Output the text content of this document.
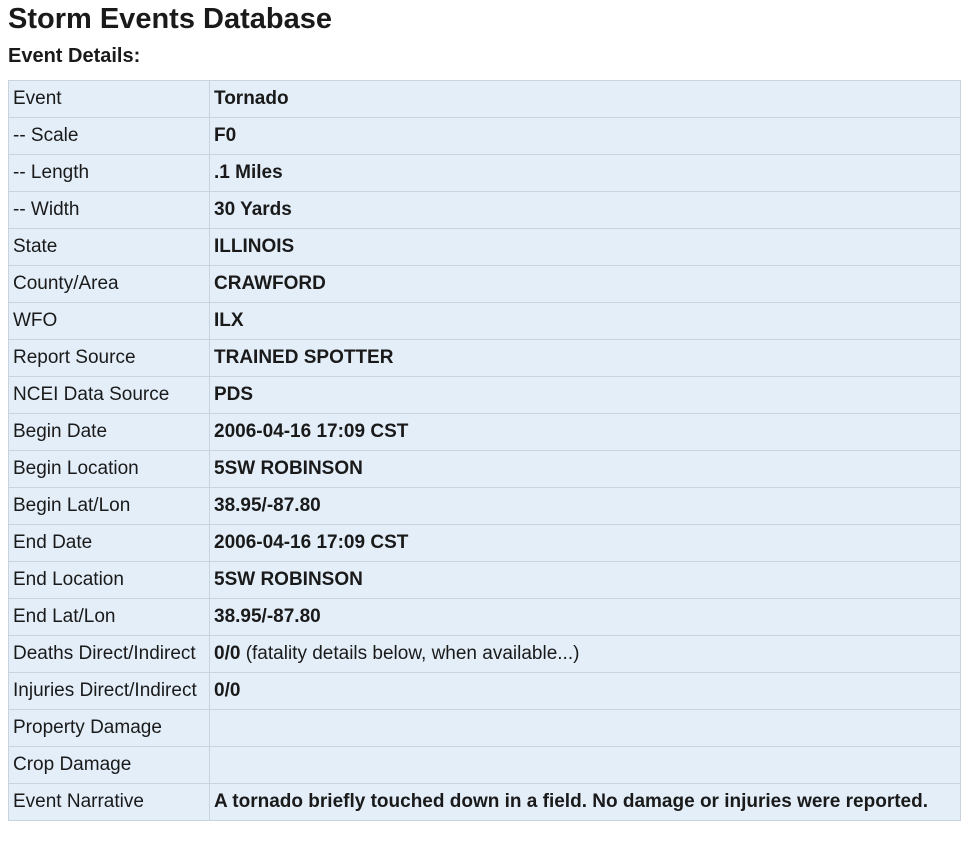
Storm Events Database
Event Details:
Event	Tornado
-- Scale	F0
-- Length	.1 Miles
-- Width	30 Yards
State	ILLINOIS
County/Area	CRAWFORD
WFO	ILX
Report Source	TRAINED SPOTTER
NCEI Data Source	PDS
Begin Date	2006-04-16 17:09 CST
Begin Location	5SW ROBINSON
Begin Lat/Lon	38.95/-87.80
End Date	2006-04-16 17:09 CST
End Location	5SW ROBINSON
End Lat/Lon	38.95/-87.80
Deaths Direct/Indirect	0/0 (fatality details below, when available...)
Injuries Direct/Indirect	0/0
Property Damage	
Crop Damage	
Event Narrative	A tornado briefly touched down in a field. No damage or injuries were reported.
